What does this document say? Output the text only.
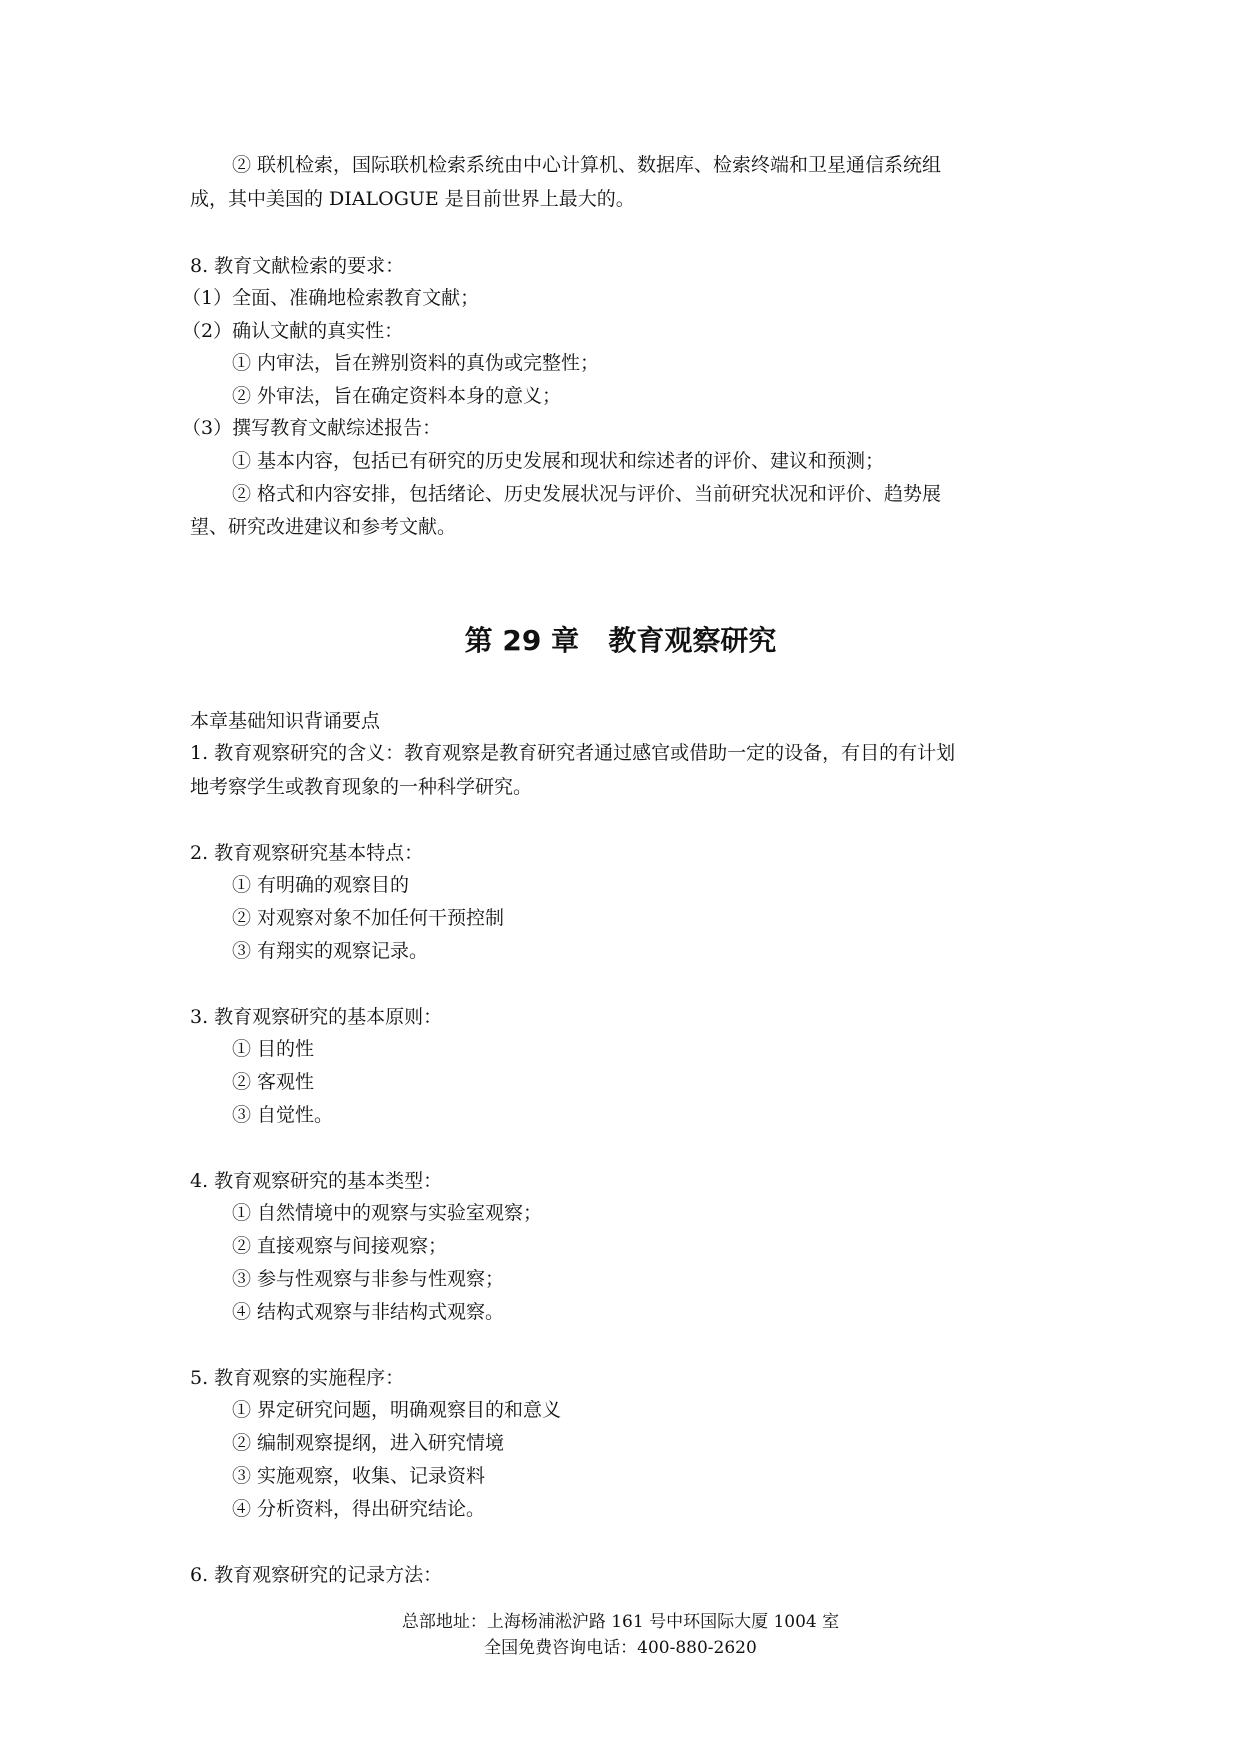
② 联机检索，国际联机检索系统由中心计算机、数据库、检索终端和卫星通信系统组
成，其中美国的 DIALOGUE 是目前世界上最大的。
8. 教育文献检索的要求：
（1）全面、准确地检索教育文献；
（2）确认文献的真实性：
① 内审法，旨在辨别资料的真伪或完整性；
② 外审法，旨在确定资料本身的意义；
（3）撰写教育文献综述报告：
① 基本内容，包括已有研究的历史发展和现状和综述者的评价、建议和预测；
② 格式和内容安排，包括绪论、历史发展状况与评价、当前研究状况和评价、趋势展
望、研究改进建议和参考文献。
第 29 章   教育观察研究
本章基础知识背诵要点
1. 教育观察研究的含义：教育观察是教育研究者通过感官或借助一定的设备，有目的有计划
地考察学生或教育现象的一种科学研究。
2. 教育观察研究基本特点：
① 有明确的观察目的
② 对观察对象不加任何干预控制
③ 有翔实的观察记录。
3. 教育观察研究的基本原则：
① 目的性
② 客观性
③ 自觉性。
4. 教育观察研究的基本类型：
① 自然情境中的观察与实验室观察；
② 直接观察与间接观察；
③ 参与性观察与非参与性观察；
④ 结构式观察与非结构式观察。
5. 教育观察的实施程序：
① 界定研究问题，明确观察目的和意义
② 编制观察提纲，进入研究情境
③ 实施观察，收集、记录资料
④ 分析资料，得出研究结论。
6. 教育观察研究的记录方法：
总部地址：上海杨浦淞沪路 161 号中环国际大厦 1004 室
全国免费咨询电话：400-880-2620
